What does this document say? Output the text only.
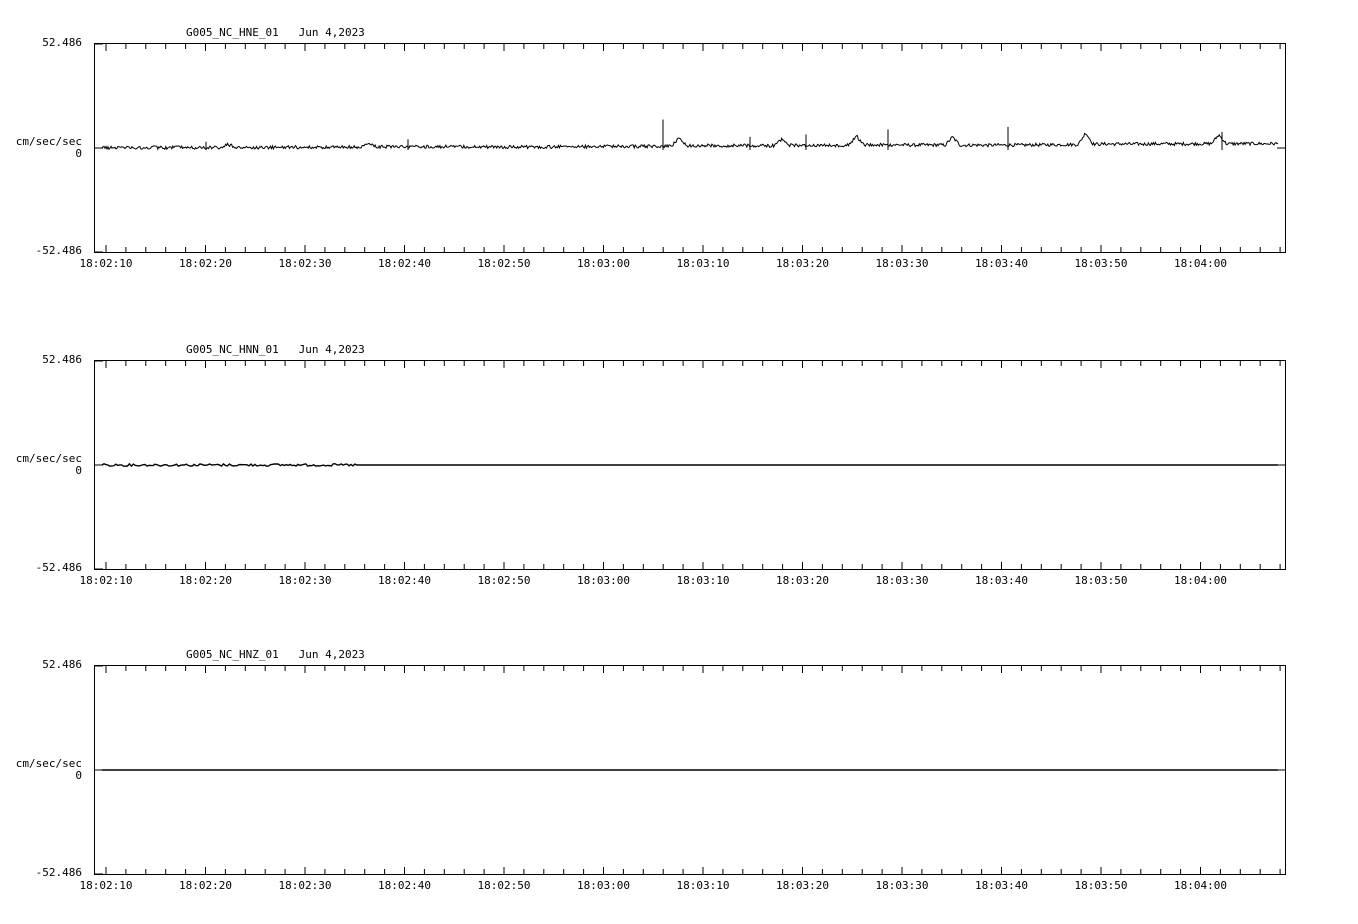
G005_NC_HNE_01   Jun 4,2023
52.486
cm/sec/sec
0
-52.486
18:02:10	18:02:20	18:02:30	18:02:40	18:02:50	18:03:00	18:03:10	18:03:20	18:03:30	18:03:40	18:03:50	18:04:00
G005_NC_HNN_01   Jun 4,2023
52.486
cm/sec/sec
0
-52.486
18:02:10	18:02:20	18:02:30	18:02:40	18:02:50	18:03:00	18:03:10	18:03:20	18:03:30	18:03:40	18:03:50	18:04:00
G005_NC_HNZ_01   Jun 4,2023
52.486
cm/sec/sec
0
-52.486
18:02:10	18:02:20	18:02:30	18:02:40	18:02:50	18:03:00	18:03:10	18:03:20	18:03:30	18:03:40	18:03:50	18:04:00
